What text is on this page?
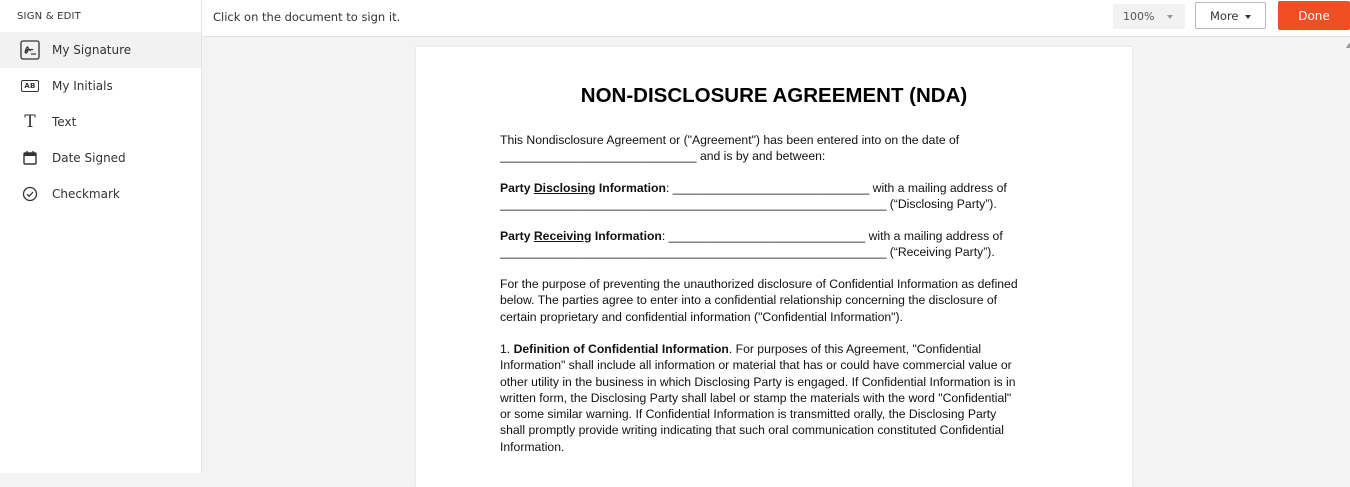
SIGN & EDIT
My Signature
AB My Initials
T Text
Date Signed
Checkmark
Click on the document to sign it.	100%	More	Done
NON-DISCLOSURE AGREEMENT (NDA)
This Nondisclosure Agreement or ("Agreement") has been entered into on the date of
_____________________________ and is by and between:
Party Disclosing Information: _____________________________ with a mailing address of
_________________________________________________________ (“Disclosing Party”).
Party Receiving Information: _____________________________ with a mailing address of
_________________________________________________________ (“Receiving Party”).
For the purpose of preventing the unauthorized disclosure of Confidential Information as defined
below. The parties agree to enter into a confidential relationship concerning the disclosure of
certain proprietary and confidential information ("Confidential Information").
1. Definition of Confidential Information. For purposes of this Agreement, "Confidential
Information" shall include all information or material that has or could have commercial value or
other utility in the business in which Disclosing Party is engaged. If Confidential Information is in
written form, the Disclosing Party shall label or stamp the materials with the word "Confidential"
or some similar warning. If Confidential Information is transmitted orally, the Disclosing Party
shall promptly provide writing indicating that such oral communication constituted Confidential
Information.
